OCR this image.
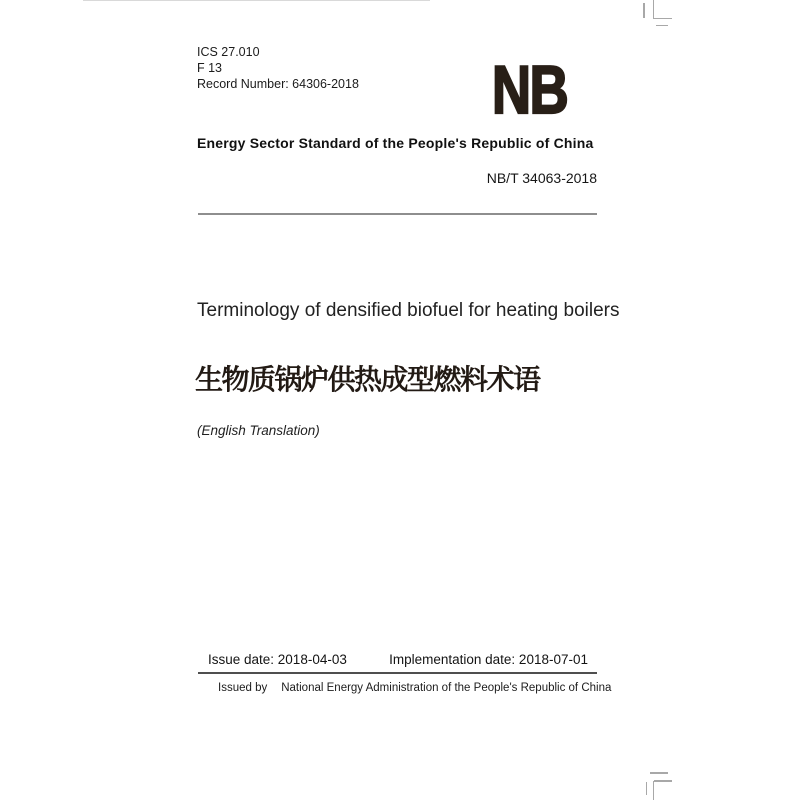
ICS 27.010
F 13
Record Number: 64306-2018 NB
Energy Sector Standard of the People's Republic of China
NB/T 34063-2018
Terminology of densified biofuel for heating boilers
生物质锅炉供热成型燃料术语
(English Translation)
Issue date: 2018-04-03	Implementation date: 2018-07-01
Issued by National Energy Administration of the People's Republic of China
